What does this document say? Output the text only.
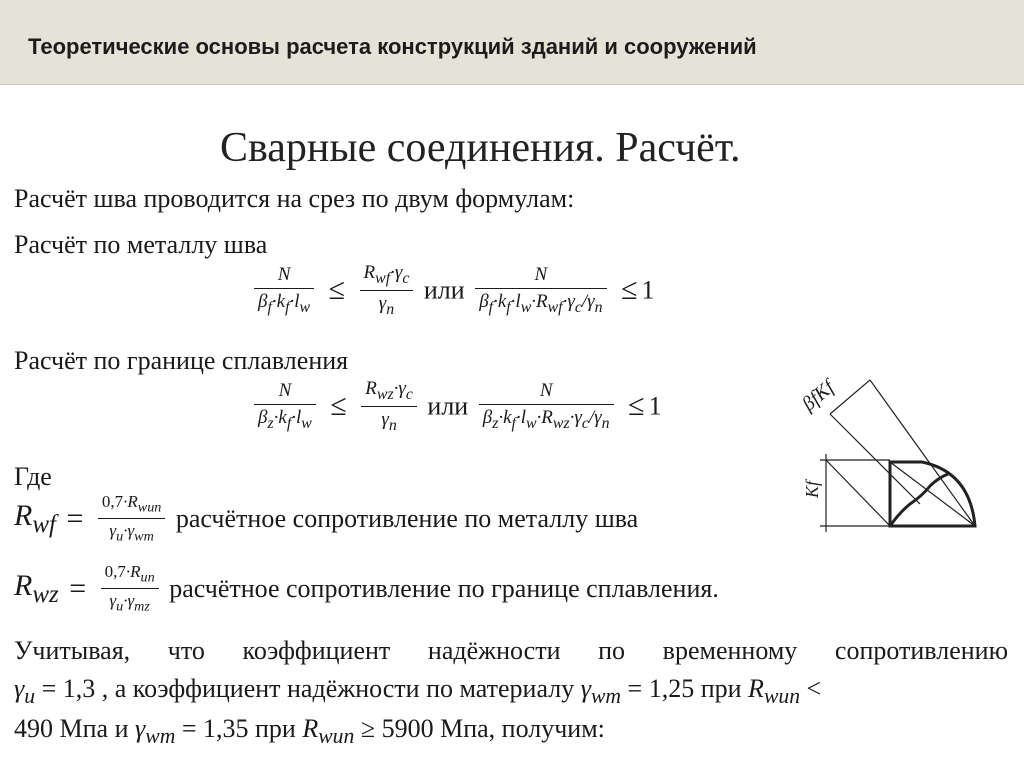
Теоретические основы расчета конструкций зданий и сооружений
Сварные соединения. Расчёт.
Расчёт шва проводится на срез по двум формулам:
Расчёт по металлу шва
$\frac{N}{\beta_f\cdot k_f\cdot l_w} \le \frac{R_{wf}\cdot\gamma_c}{\gamma_n}$ или $\frac{N}{\beta_f\cdot k_f\cdot l_w\cdot R_{wf}\cdot\gamma_c/\gamma_n} \le 1$
Расчёт по границе сплавления
$\frac{N}{\beta_z\cdot k_f\cdot l_w} \le \frac{R_{wz}\cdot\gamma_c}{\gamma_n}$ или $\frac{N}{\beta_z\cdot k_f\cdot l_w\cdot R_{wz}\cdot\gamma_c/\gamma_n} \le 1$
Где
$R_{wf} = \frac{0,7\cdot R_{wun}}{\gamma_u\cdot\gamma_{wm}}$ расчётное сопротивление по металлу шва
$R_{wz} = \frac{0,7\cdot R_{un}}{\gamma_u\cdot\gamma_{mz}}$ расчётное сопротивление по границе сплавления.
Учитывая, что коэффициент надёжности по временному сопротивлению
$\gamma_u = 1,3$ , а коэффициент надёжности по материалу $\gamma_{wm} = 1,25$ при $R_{wun}$ <
490 Мпа и $\gamma_{wm} = 1,35$ при $R_{wun} \ge 5900$ Мпа, получим:
βfKf
Kf
